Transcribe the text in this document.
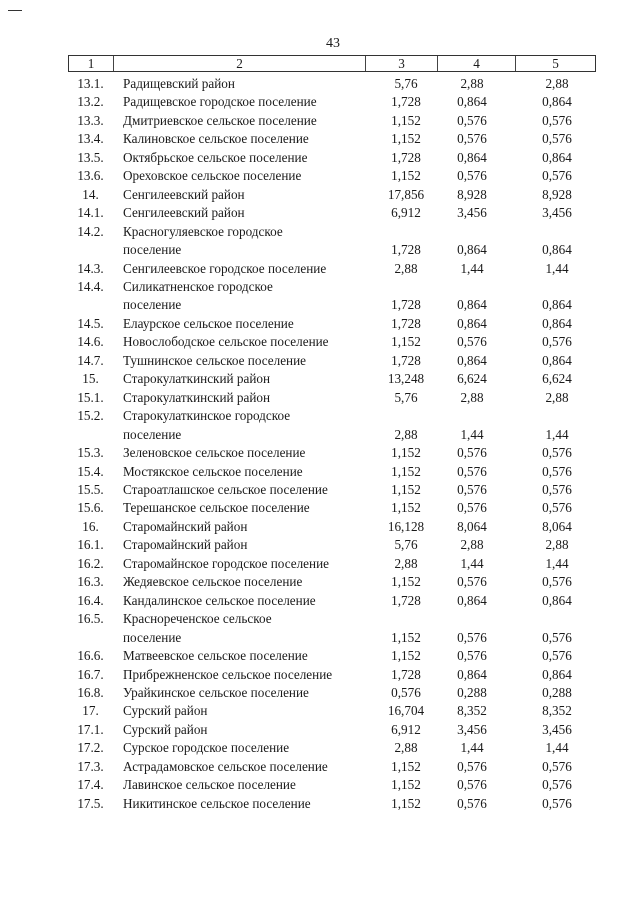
43
1	2	3	4	5
13.1.	Радищевский район	5,76	2,88	2,88
13.2.	Радищевское городское поселение	1,728	0,864	0,864
13.3.	Дмитриевское сельское поселение	1,152	0,576	0,576
13.4.	Калиновское сельское поселение	1,152	0,576	0,576
13.5.	Октябрьское сельское поселение	1,728	0,864	0,864
13.6.	Ореховское сельское поселение	1,152	0,576	0,576
14.	Сенгилеевский район	17,856	8,928	8,928
14.1.	Сенгилеевский район	6,912	3,456	3,456
14.2.	Красногуляевское городское поселение	1,728	0,864	0,864
14.3.	Сенгилеевское городское поселение	2,88	1,44	1,44
14.4.	Силикатненское городское поселение	1,728	0,864	0,864
14.5.	Елаурское сельское поселение	1,728	0,864	0,864
14.6.	Новослободское сельское поселение	1,152	0,576	0,576
14.7.	Тушнинское сельское поселение	1,728	0,864	0,864
15.	Старокулаткинский район	13,248	6,624	6,624
15.1.	Старокулаткинский район	5,76	2,88	2,88
15.2.	Старокулаткинское городское поселение	2,88	1,44	1,44
15.3.	Зеленовское сельское поселение	1,152	0,576	0,576
15.4.	Мостякское сельское поселение	1,152	0,576	0,576
15.5.	Староатлашское сельское поселение	1,152	0,576	0,576
15.6.	Терешанское сельское поселение	1,152	0,576	0,576
16.	Старомайнский район	16,128	8,064	8,064
16.1.	Старомайнский район	5,76	2,88	2,88
16.2.	Старомайнское городское поселение	2,88	1,44	1,44
16.3.	Жедяевское сельское поселение	1,152	0,576	0,576
16.4.	Кандалинское сельское поселение	1,728	0,864	0,864
16.5.	Краснореченское сельское поселение	1,152	0,576	0,576
16.6.	Матвеевское сельское поселение	1,152	0,576	0,576
16.7.	Прибрежненское сельское поселение	1,728	0,864	0,864
16.8.	Урайкинское сельское поселение	0,576	0,288	0,288
17.	Сурский район	16,704	8,352	8,352
17.1.	Сурский район	6,912	3,456	3,456
17.2.	Сурское городское поселение	2,88	1,44	1,44
17.3.	Астрадамовское сельское поселение	1,152	0,576	0,576
17.4.	Лавинское сельское поселение	1,152	0,576	0,576
17.5.	Никитинское сельское поселение	1,152	0,576	0,576
